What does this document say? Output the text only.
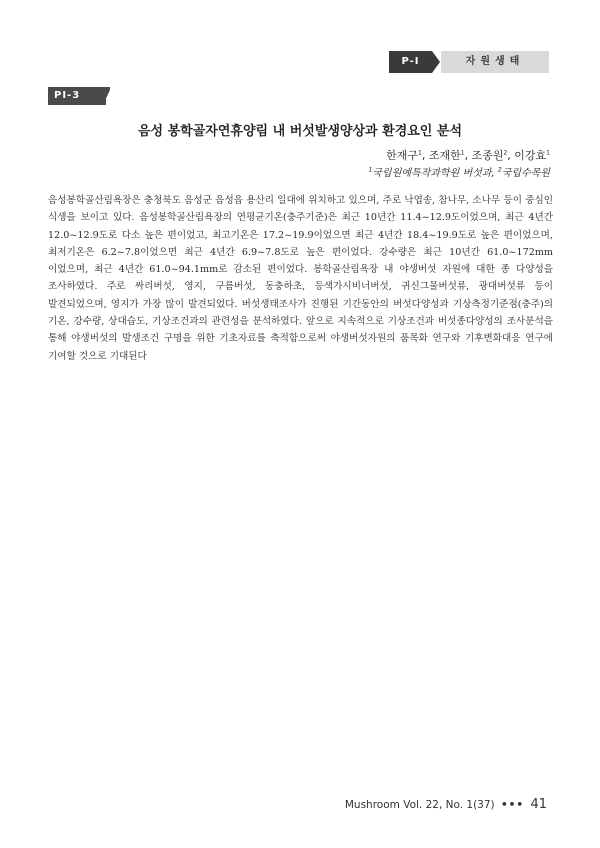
P-Ⅰ	자원생태
PⅠ-3
음성 봉학골자연휴양림 내 버섯발생양상과 환경요인 분석
한재구$^1$, 조재한$^1$, 조종원$^2$, 이강효$^1$
$^1$국립원예특작과학원 버섯과, $^2$국립수목원
음성봉학골산림욕장은 충청북도 음성군 음성읍 용산리 일대에 위치하고 있으며, 주로 낙엽송, 참나무, 소나무 등이 중심인 식생을 보이고 있다. 음성봉학골산림욕장의 연평균기온(충주기준)은 최근 10년간 11.4~12.9도이었으며, 최근 4년간 12.0~12.9도로 다소 높은 편이었고, 최고기온은 17.2~19.9이었으면 최근 4년간 18.4~19.9도로 높은 편이었으며, 최저기온은 6.2~7.8이었으면 최근 4년간 6.9~7.8도로 높은 편이었다. 강수량은 최근 10년간 61.0~172mm 이었으며, 최근 4년간 61.0~94.1mm로 감소된 편이었다. 봉학골산림욕장 내 야생버섯 자원에 대한 종 다양성을 조사하였다. 주로 싸리버섯, 영지, 구름버섯, 동충하초, 등색가시비너버섯, 귀신그물버섯류, 광대버섯류 등이 발견되었으며, 영지가 가장 많이 발견되었다. 버섯생태조사가 진행된 기간동안의 버섯다양성과 기상측정기준점(충주)의 기온, 강수량, 상대습도, 기상조건과의 관련성을 분석하였다. 앞으로 지속적으로 기상조건과 버섯종다양성의 조사분석을 통해 야생버섯의 발생조건 구명을 위한 기초자료를 축적함으로써 야생버섯자원의 품목화 연구와 기후변화대응 연구에 기여할 것으로 기대된다
Mushroom Vol. 22, No. 1(37) ••• 41
